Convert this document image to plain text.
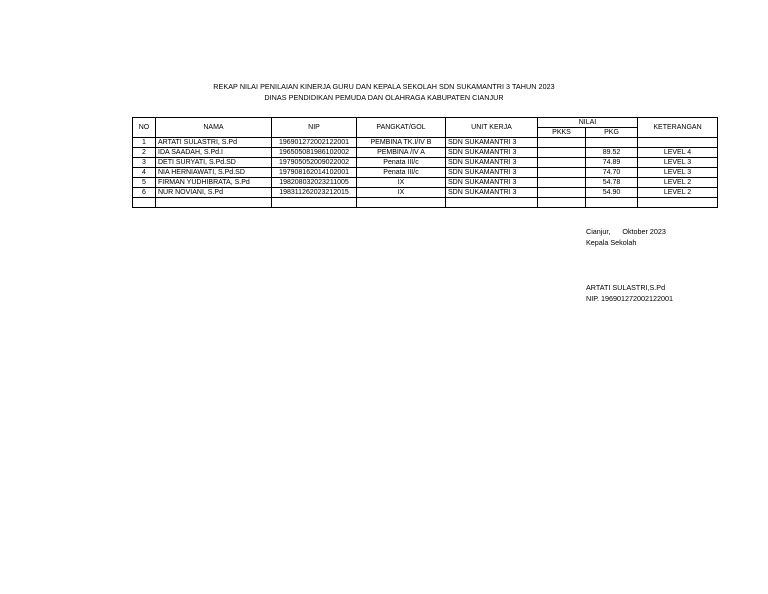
REKAP NILAI PENILAIAN KINERJA GURU DAN KEPALA SEKOLAH SDN SUKAMANTRI 3 TAHUN 2023
DINAS PENDIDIKAN PEMUDA DAN OLAHRAGA KABUPATEN CIANJUR
NO	NAMA	NIP	PANGKAT/GOL	UNIT KERJA	NILAI		KETERANGAN
					PKKS	PKG	
1	ARTATI SULASTRI, S.Pd	196901272002122001	PEMBINA TK.I/IV B	SDN SUKAMANTRI 3			
2	IDA SAADAH, S.Pd.I	196505081986102002	PEMBINA /IV A	SDN SUKAMANTRI 3		89.52	LEVEL 4
3	DETI SURYATI, S.Pd.SD	197905052009022002	Penata III/c	SDN SUKAMANTRI 3		74.89	LEVEL 3
4	NIA HERNIAWATI, S.Pd.SD	197908162014102001	Penata III/c	SDN SUKAMANTRI 3		74.70	LEVEL 3
5	FIRMAN YUDHIBRATA, S.Pd	198208032023211005	IX	SDN SUKAMANTRI 3		54.78	LEVEL 2
6	NUR NOVIANI, S.Pd	198311262023212015	IX	SDN SUKAMANTRI 3		54.90	LEVEL 2

Cianjur,      Oktober 2023
Kepala Sekolah
ARTATI SULASTRI,S.Pd
NIP. 196901272002122001
